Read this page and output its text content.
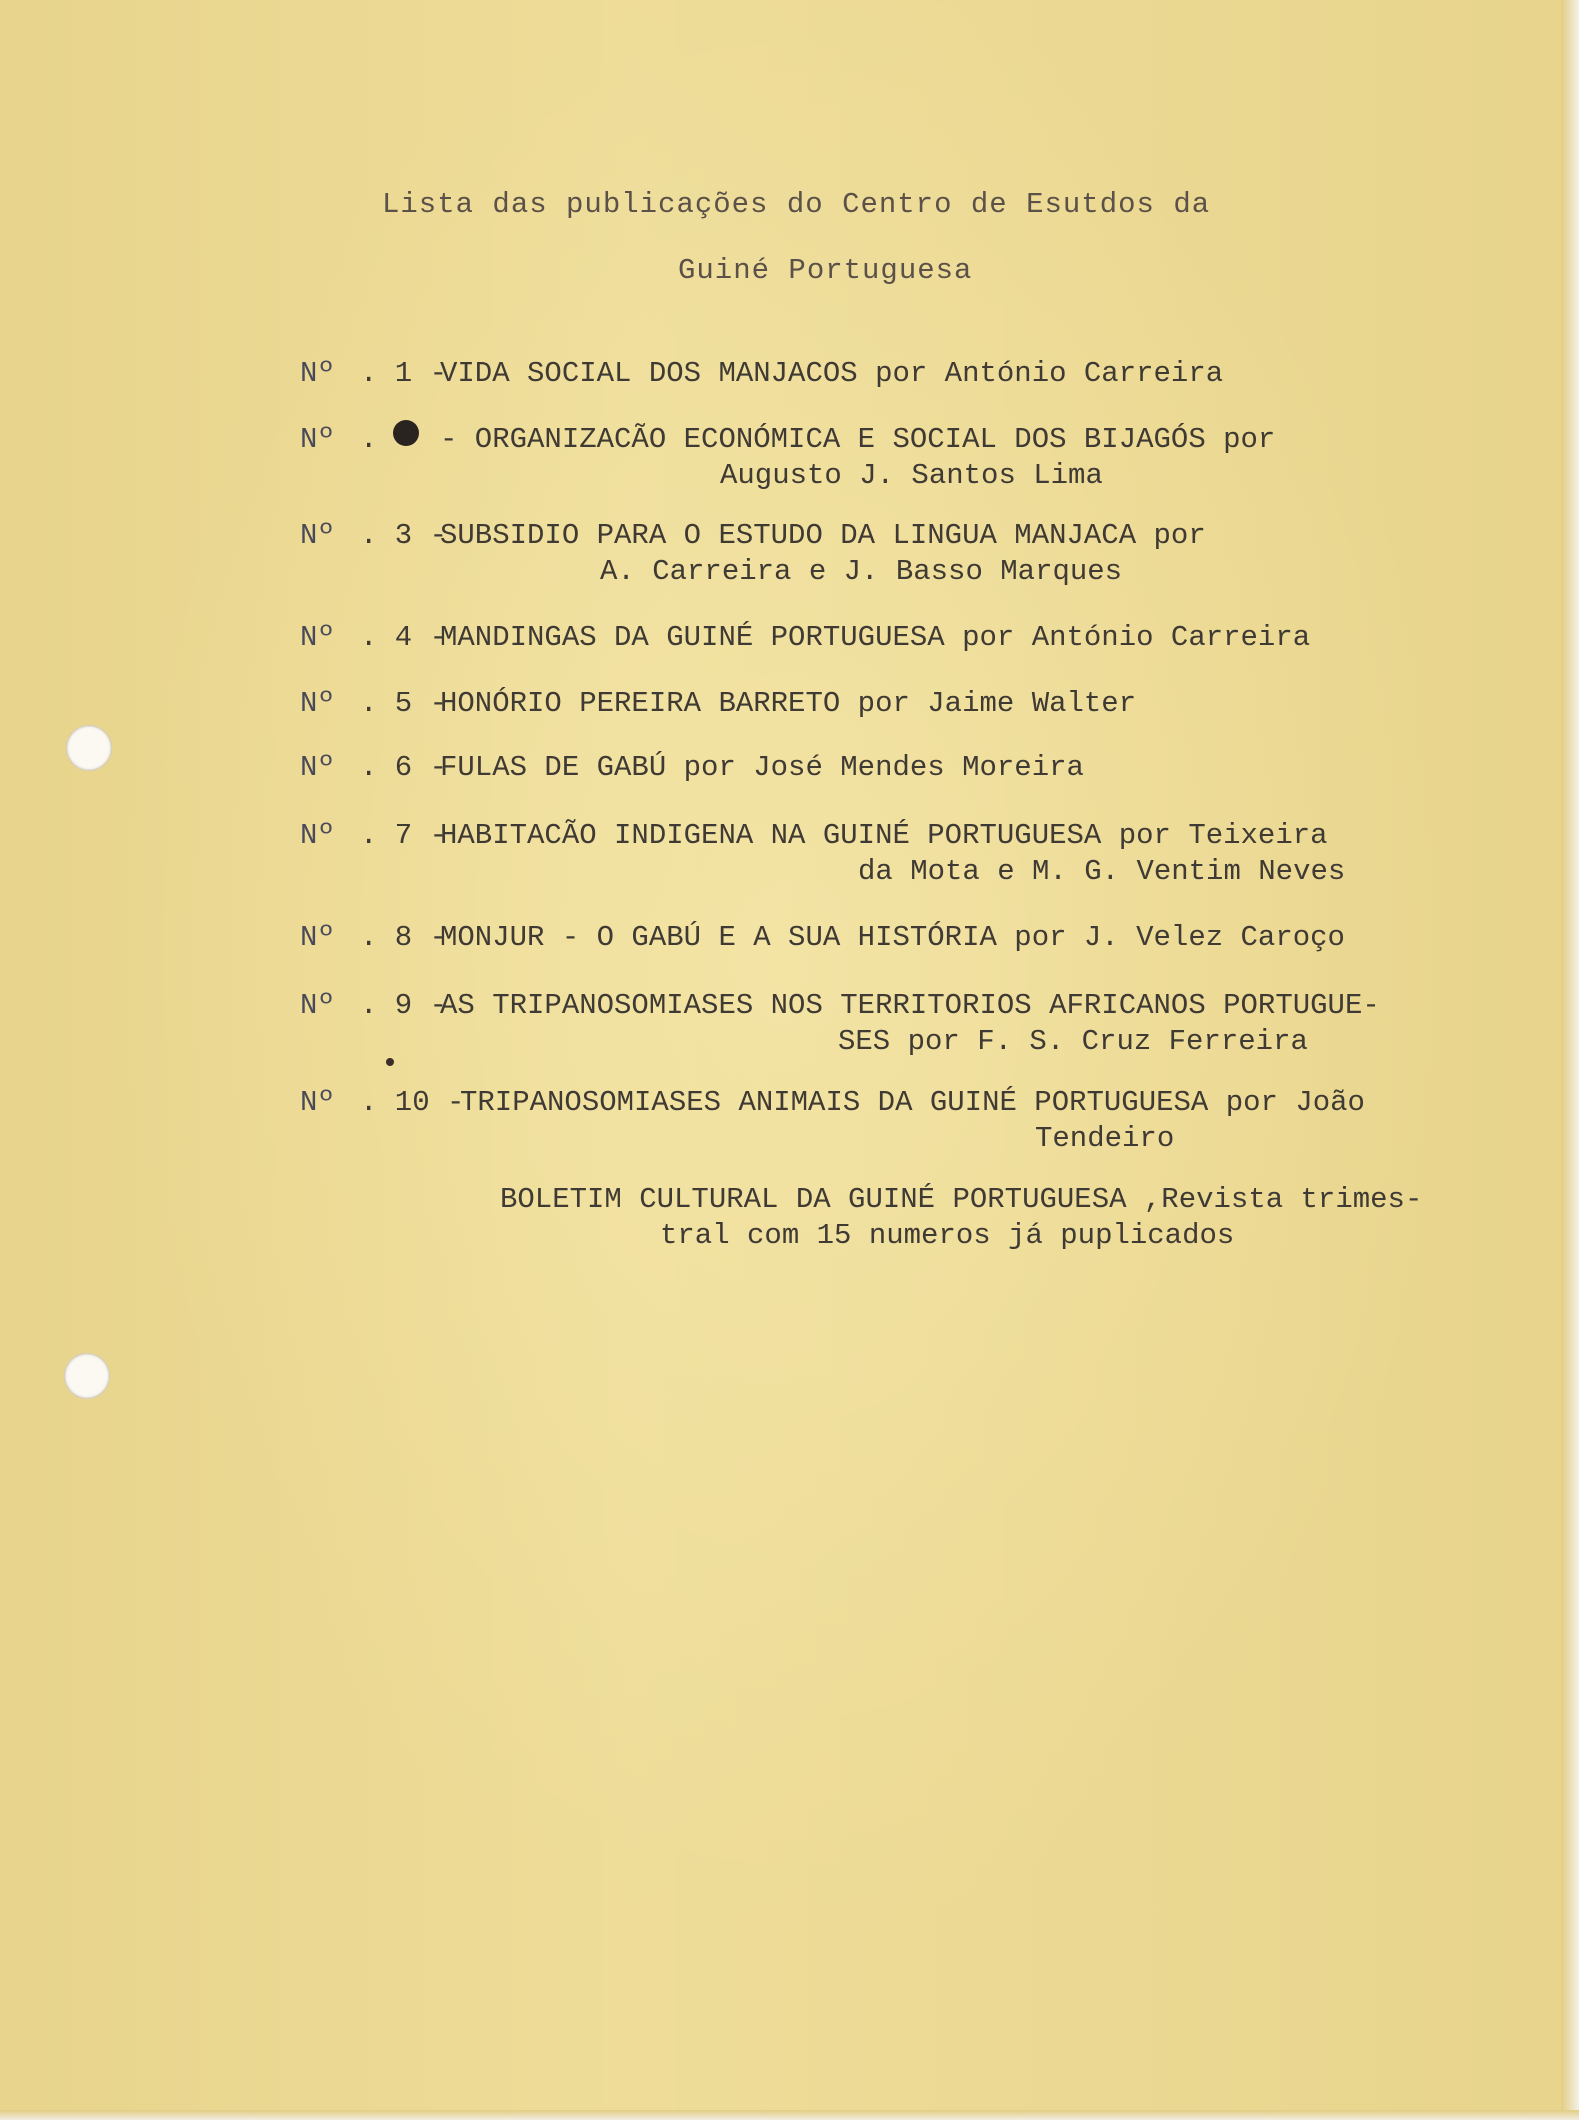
Lista das publicações do Centro de Esutdos da
Guiné Portuguesa
Nº . 1 -
VIDA SOCIAL DOS MANJACOS por António Carreira
Nº . - ORGANIZACÃO ECONÓMICA E SOCIAL DOS BIJAGÓS por
Augusto J. Santos Lima
Nº . 3 -
SUBSIDIO PARA O ESTUDO DA LINGUA MANJACA por
A. Carreira e J. Basso Marques
Nº . 4 -
MANDINGAS DA GUINÉ PORTUGUESA por António Carreira
Nº . 5 -
HONÓRIO PEREIRA BARRETO por Jaime Walter
Nº . 6 -
FULAS DE GABÚ por José Mendes Moreira
Nº . 7 -
HABITACÃO INDIGENA NA GUINÉ PORTUGUESA por Teixeira
da Mota e M. G. Ventim Neves
Nº . 8 -
MONJUR - O GABÚ E A SUA HISTÓRIA por J. Velez Caroço
Nº . 9 -
AS TRIPANOSOMIASES NOS TERRITORIOS AFRICANOS PORTUGUE-
SES por F. S. Cruz Ferreira
Nº . 10 -
TRIPANOSOMIASES ANIMAIS DA GUINÉ PORTUGUESA por João
Tendeiro
BOLETIM CULTURAL DA GUINÉ PORTUGUESA ,Revista trimes-
tral com 15 numeros já puplicados
